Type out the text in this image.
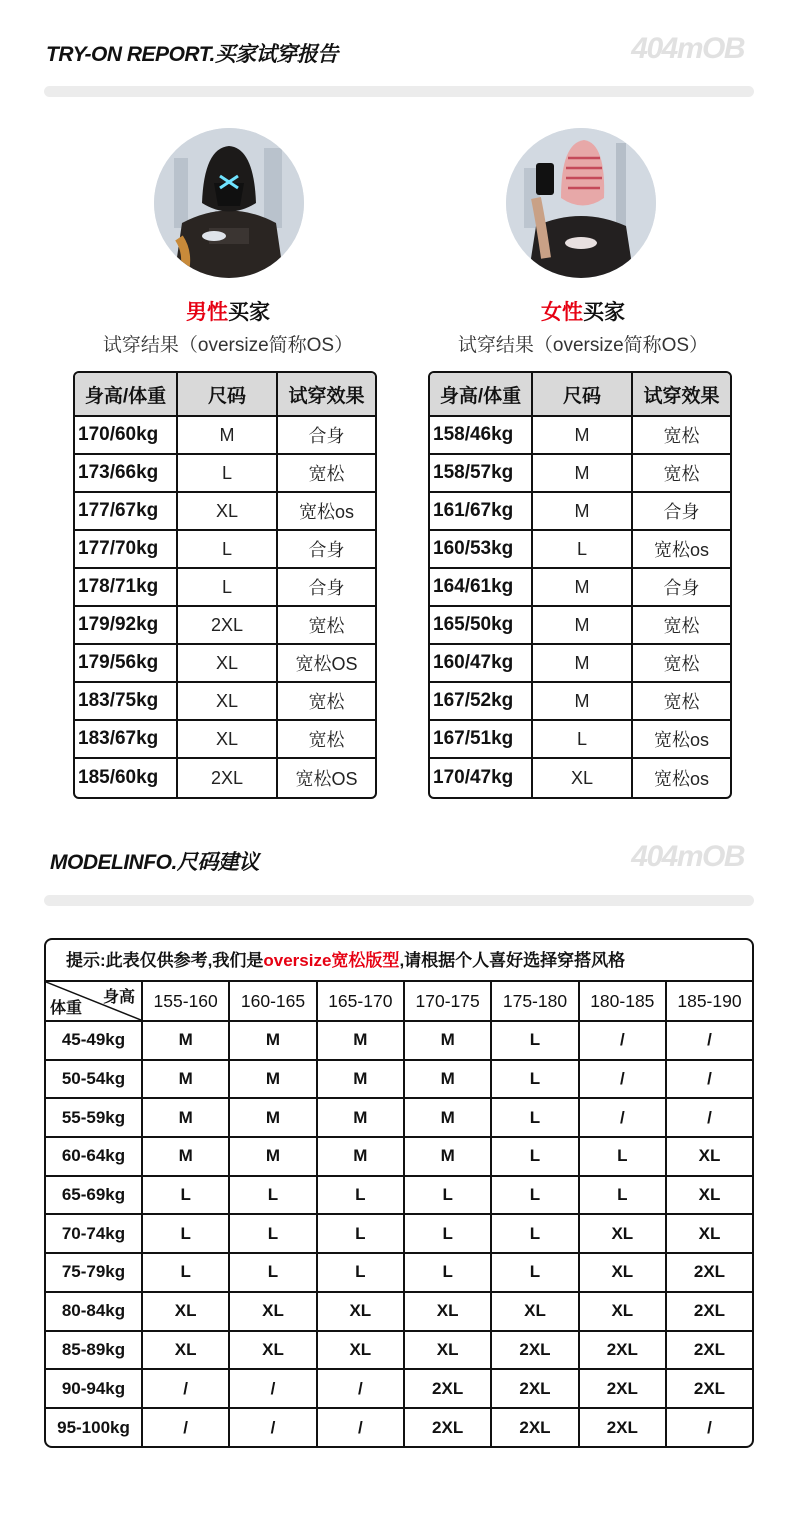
TRY-ON REPORT.买家试穿报告	404mOB
男性买家
试穿结果（oversize简称OS）
身高/体重	尺码	试穿效果
170/60kg	M	合身
173/66kg	L	宽松
177/67kg	XL	宽松os
177/70kg	L	合身
178/71kg	L	合身
179/92kg	2XL	宽松
179/56kg	XL	宽松OS
183/75kg	XL	宽松
183/67kg	XL	宽松
185/60kg	2XL	宽松OS
女性买家
试穿结果（oversize简称OS）
身高/体重	尺码	试穿效果
158/46kg	M	宽松
158/57kg	M	宽松
161/67kg	M	合身
160/53kg	L	宽松os
164/61kg	M	合身
165/50kg	M	宽松
160/47kg	M	宽松
167/52kg	M	宽松
167/51kg	L	宽松os
170/47kg	XL	宽松os
MODELINFO.尺码建议	404mOB
提示:此表仅供参考,我们是oversize宽松版型,请根据个人喜好选择穿搭风格
身高
体重	155-160	160-165	165-170	170-175	175-180	180-185	185-190
45-49kg	M	M	M	M	L	/	/
50-54kg	M	M	M	M	L	/	/
55-59kg	M	M	M	M	L	/	/
60-64kg	M	M	M	M	L	L	XL
65-69kg	L	L	L	L	L	L	XL
70-74kg	L	L	L	L	L	XL	XL
75-79kg	L	L	L	L	L	XL	2XL
80-84kg	XL	XL	XL	XL	XL	XL	2XL
85-89kg	XL	XL	XL	XL	2XL	2XL	2XL
90-94kg	/	/	/	2XL	2XL	2XL	2XL
95-100kg	/	/	/	2XL	2XL	2XL	/
